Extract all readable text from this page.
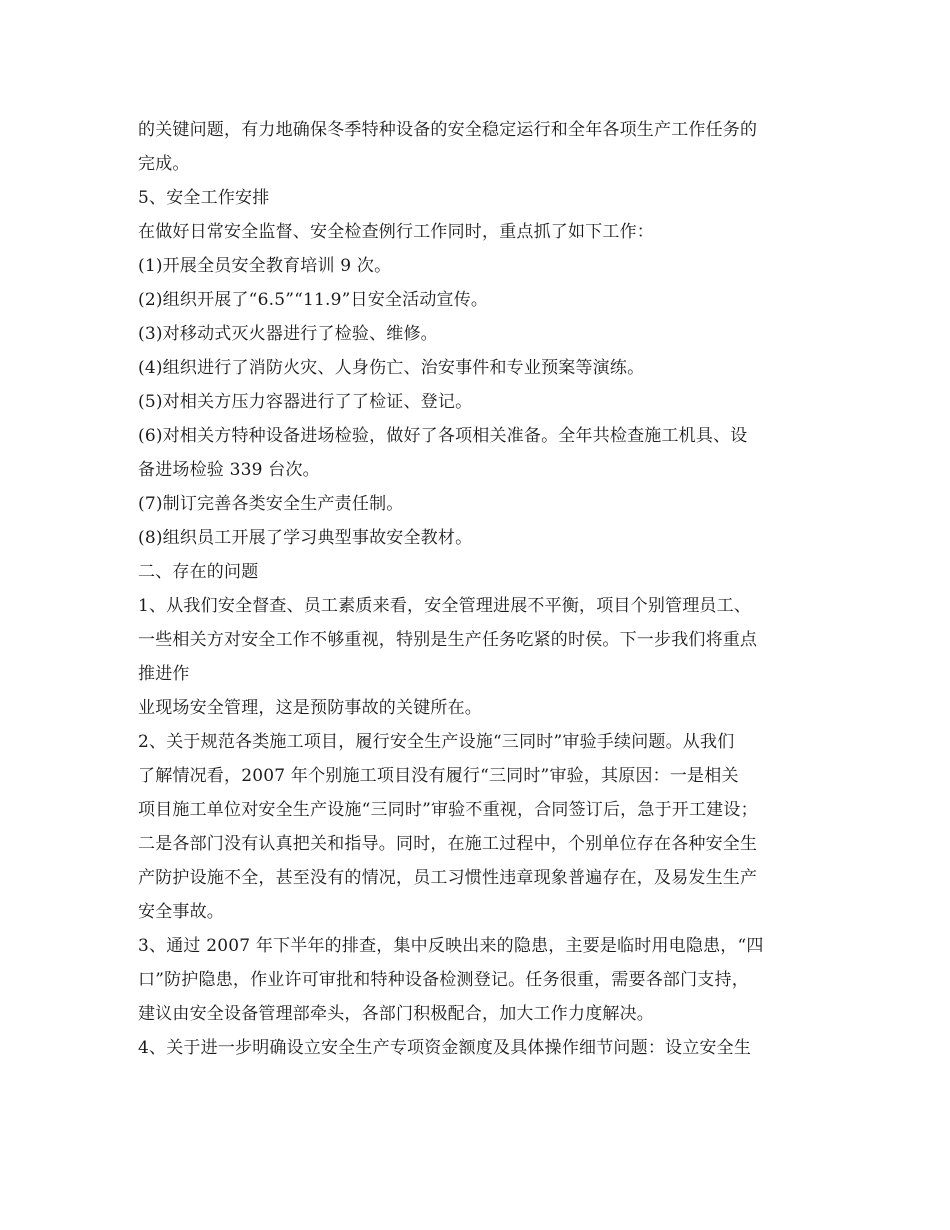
的关键问题，有力地确保冬季特种设备的安全稳定运行和全年各项生产工作任务的
完成。
5、安全工作安排
在做好日常安全监督、安全检查例行工作同时，重点抓了如下工作：
(1)开展全员安全教育培训 9 次。
(2)组织开展了“6.5”“11.9”日安全活动宣传。
(3)对移动式灭火器进行了检验、维修。
(4)组织进行了消防火灾、人身伤亡、治安事件和专业预案等演练。
(5)对相关方压力容器进行了了检证、登记。
(6)对相关方特种设备进场检验，做好了各项相关准备。全年共检查施工机具、设
备进场检验 339 台次。
(7)制订完善各类安全生产责任制。
(8)组织员工开展了学习典型事故安全教材。
二、存在的问题
1、从我们安全督查、员工素质来看，安全管理进展不平衡，项目个别管理员工、
一些相关方对安全工作不够重视，特别是生产任务吃紧的时侯。下一步我们将重点
推进作
业现场安全管理，这是预防事故的关键所在。
2、关于规范各类施工项目，履行安全生产设施“三同时”审验手续问题。从我们
了解情况看，2007 年个别施工项目没有履行“三同时”审验，其原因：一是相关
项目施工单位对安全生产设施“三同时”审验不重视，合同签订后，急于开工建设；
二是各部门没有认真把关和指导。同时，在施工过程中，个别单位存在各种安全生
产防护设施不全，甚至没有的情况，员工习惯性违章现象普遍存在，及易发生生产
安全事故。
3、通过 2007 年下半年的排查，集中反映出来的隐患，主要是临时用电隐患，“四
口”防护隐患，作业许可审批和特种设备检测登记。任务很重，需要各部门支持，
建议由安全设备管理部牵头，各部门积极配合，加大工作力度解决。
4、关于进一步明确设立安全生产专项资金额度及具体操作细节问题：设立安全生
